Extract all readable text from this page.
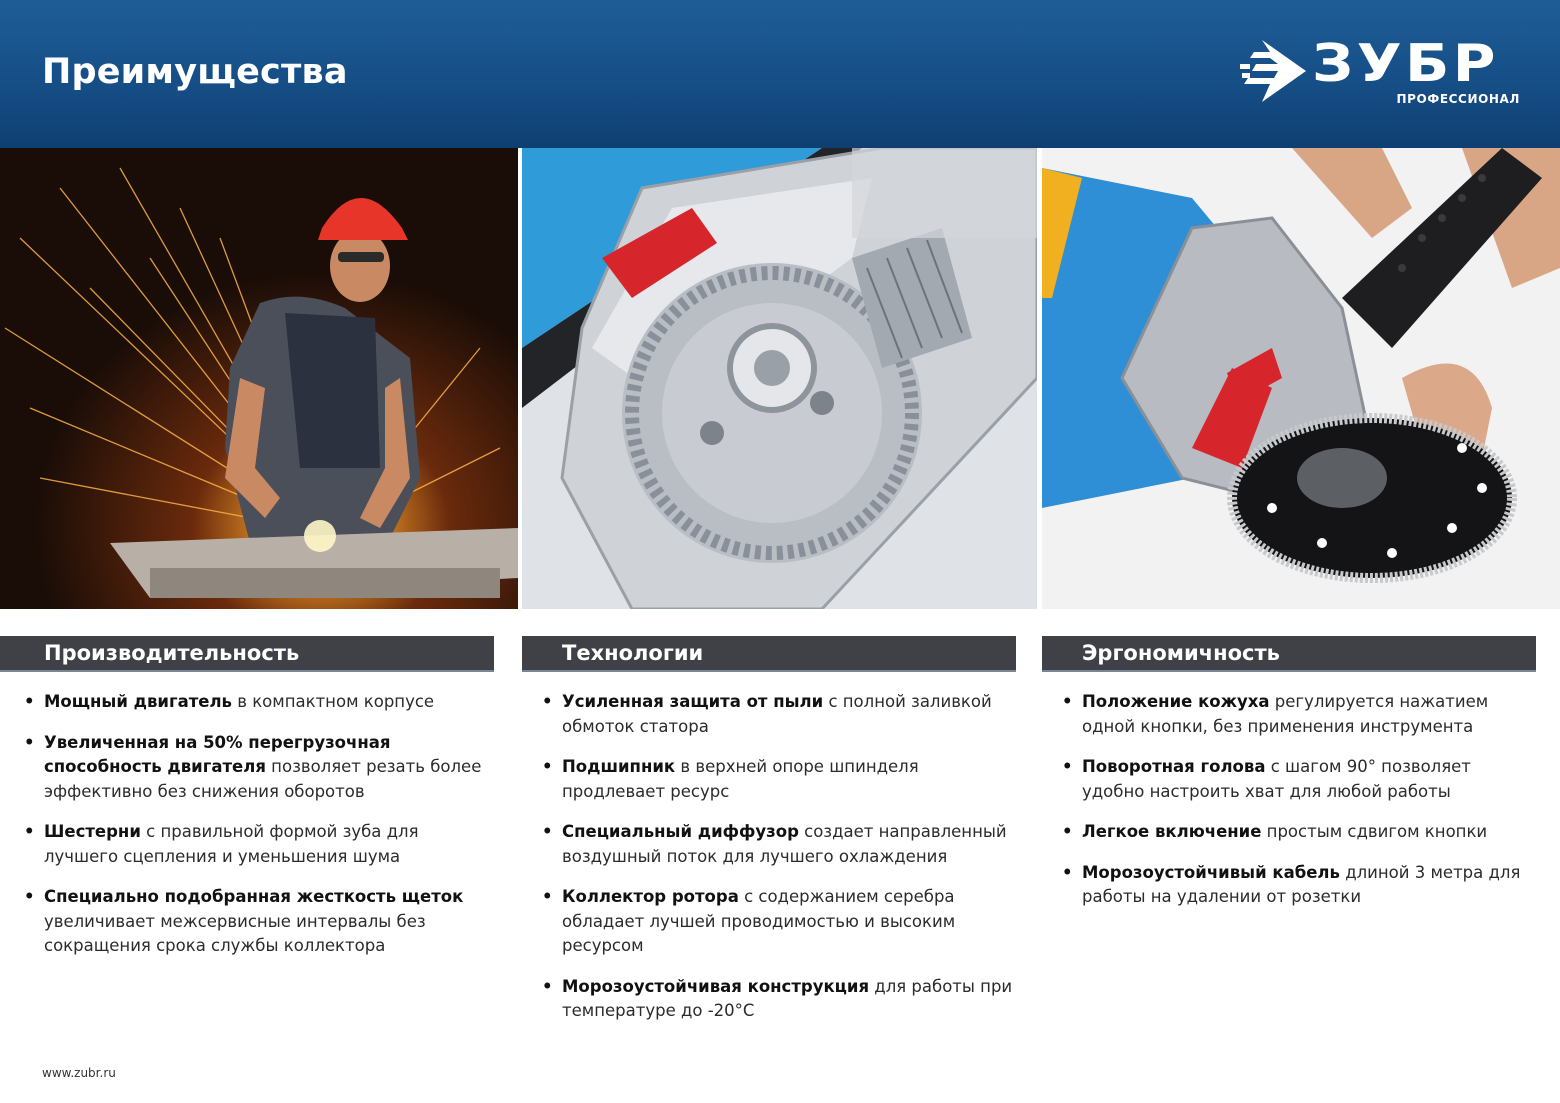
Преимущества	ЗУБР
ПРОФЕССИОНАЛ
Производительность	Технологии	Эргономичность
• Мощный двигатель в компактном корпусе
• Увеличенная на 50% перегрузочная способность двигателя позволяет резать более эффективно без снижения оборотов
• Шестерни с правильной формой зуба для лучшего сцепления и уменьшения шума
• Специально подобранная жесткость щеток увеличивает межсервисные интервалы без сокращения срока службы коллектора
• Усиленная защита от пыли с полной заливкой обмоток статора
• Подшипник в верхней опоре шпинделя продлевает ресурс
• Специальный диффузор создает направленный воздушный поток для лучшего охлаждения
• Коллектор ротора с содержанием серебра обладает лучшей проводимостью и высоким ресурсом
• Морозоустойчивая конструкция для работы при температуре до -20°C
• Положение кожуха регулируется нажатием одной кнопки, без применения инструмента
• Поворотная голова с шагом 90° позволяет удобно настроить хват для любой работы
• Легкое включение простым сдвигом кнопки
• Морозоустойчивый кабель длиной 3 метра для работы на удалении от розетки
www.zubr.ru
